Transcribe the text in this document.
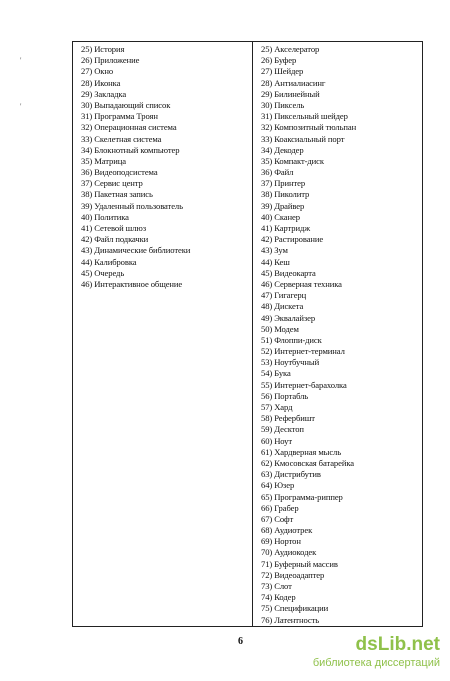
'
'
25) История
26) Приложение
27) Окно
28) Иконка
29) Закладка
30) Выпадающий список
31) Программа Троян
32) Операционная система
33) Скелетная система
34) Блокнотный компьютер
35) Матрица
36) Видеоподсистема
37) Сервис центр
38) Пакетная запись
39) Удаленный пользователь
40) Политика
41) Сетевой шлюз
42) Файл подкачки
43) Динамические библиотеки
44) Калибровка
45) Очередь
46) Интерактивное общение

25) Акселератор
26) Буфер
27) Шейдер
28) Антиалиасинг
29) Билинейный
30) Пиксель
31) Пиксельный шейдер
32) Композитный тюльпан
33) Коаксиальный порт
34) Декодер
35) Компакт-диск
36) Файл
37) Принтер
38) Пиколитр
39) Драйвер
40) Сканер
41) Картридж
42) Растирование
43) Зум
44) Кеш
45) Видеокарта
46) Серверная техника
47) Гигагерц
48) Дискета
49) Эквалайзер
50) Модем
51) Флоппи-диск
52) Интернет-терминал
53) Ноутбучный
54) Бука
55) Интернет-барахолка
56) Портабль
57) Хард
58) Рефербишт
59) Десктоп
60) Ноут
61) Хардверная мысль
62) Кмосовская батарейка
63) Дистрибутив
64) Юзер
65) Программа-риппер
66) Грабер
67) Софт
68) Аудиотрек
69) Нортон
70) Аудиокодек
71) Буферный массив
72) Видеоадаптер
73) Слот
74) Кодер
75) Спецификации
76) Латентность
6	dsLib.net
библиотека диссертаций
